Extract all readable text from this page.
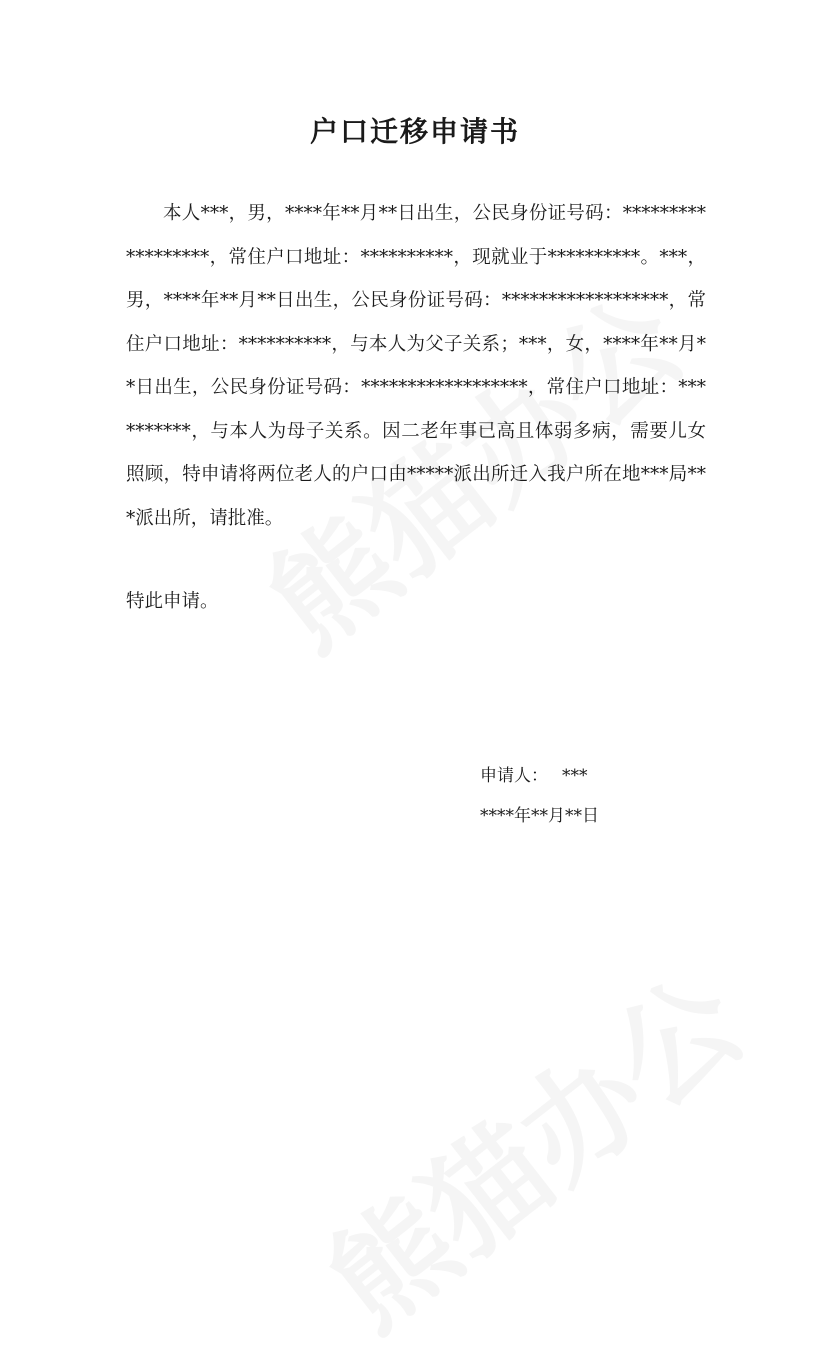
户口迁移申请书

本人***，男，****年**月**日出生，公民身份证号码：******************，常住户口地址：**********，现就业于**********。***，男，****年**月**日出生，公民身份证号码：******************，常住户口地址：**********，与本人为父子关系；***，女，****年**月**日出生，公民身份证号码：******************，常住户口地址：**********，与本人为母子关系。因二老年事已高且体弱多病，需要儿女照顾，特申请将两位老人的户口由*****派出所迁入我户所在地***局***派出所，请批准。

特此申请。

申请人： ***
****年**月**日
